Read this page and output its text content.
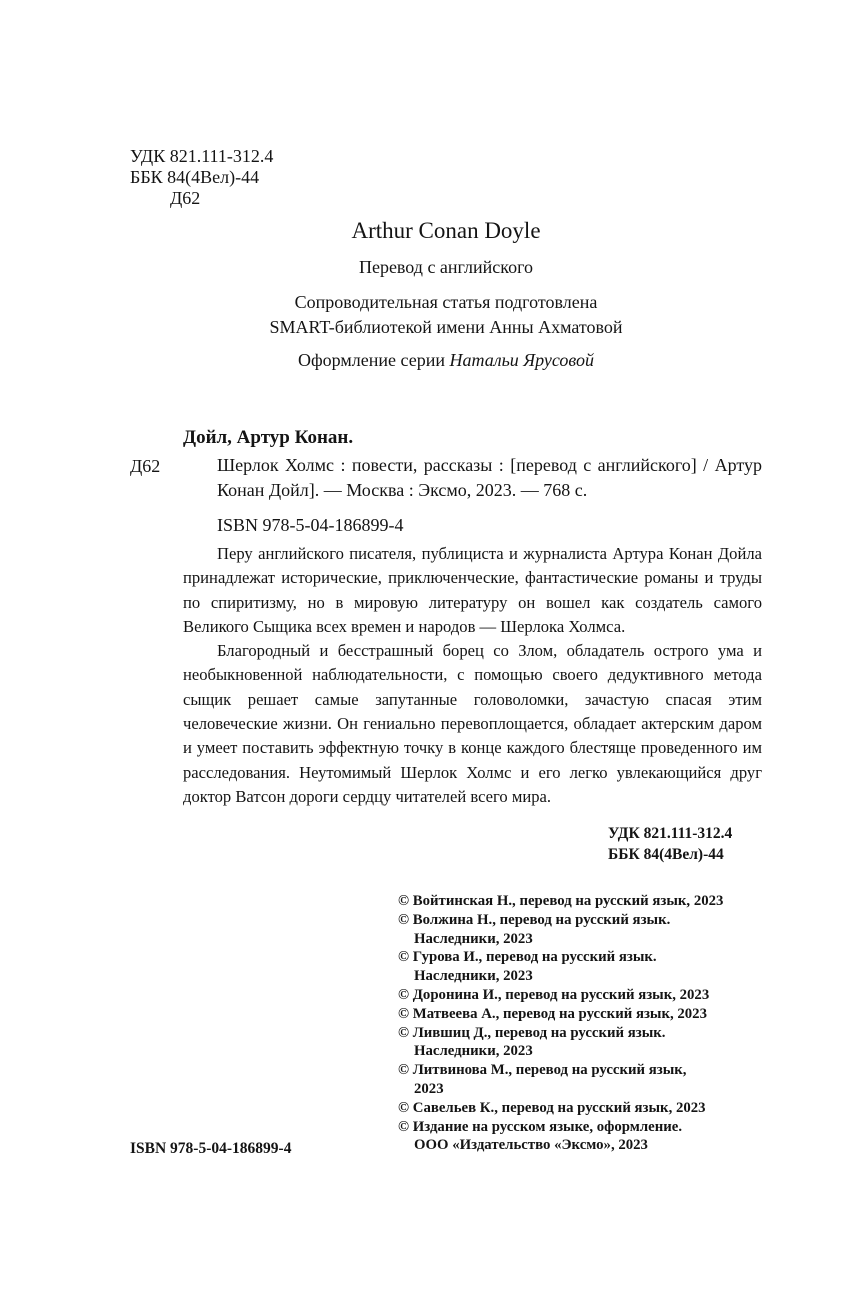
УДК 821.111-312.4
ББК 84(4Вел)-44
Д62
Arthur Conan Doyle
Перевод с английского
Сопроводительная статья подготовлена
SMART-библиотекой имени Анны Ахматовой
Оформление серии Натальи Ярусовой
Дойл, Артур Конан.
Д62	Шерлок Холмс : повести, рассказы : [перевод с английского] / Артур Конан Дойл]. — Москва : Эксмо, 2023. — 768 с.
ISBN 978-5-04-186899-4

Перу английского писателя, публициста и журналиста Артура Конан Дойла принадлежат исторические, приключенческие, фантастические романы и труды по спиритизму, но в мировую литературу он вошел как создатель самого Великого Сыщика всех времен и народов — Шерлока Холмса.

Благородный и бесстрашный борец со Злом, обладатель острого ума и необыкновенной наблюдательности, с помощью своего дедуктивного метода сыщик решает самые запутанные головоломки, зачастую спасая этим человеческие жизни. Он гениально перевоплощается, обладает актерским даром и умеет поставить эффектную точку в конце каждого блестяще проведенного им расследования. Неутомимый Шерлок Холмс и его легко увлекающийся друг доктор Ватсон дороги сердцу читателей всего мира.

УДК 821.111-312.4
ББК 84(4Вел)-44
© Войтинская Н., перевод на русский язык, 2023
© Волжина Н., перевод на русский язык.
Наследники, 2023
© Гурова И., перевод на русский язык.
Наследники, 2023
© Доронина И., перевод на русский язык, 2023
© Матвеева А., перевод на русский язык, 2023
© Лившиц Д., перевод на русский язык.
Наследники, 2023
© Литвинова М., перевод на русский язык,
2023
© Савельев К., перевод на русский язык, 2023
© Издание на русском языке, оформление.
ООО «Издательство «Эксмо», 2023
ISBN 978-5-04-186899-4
